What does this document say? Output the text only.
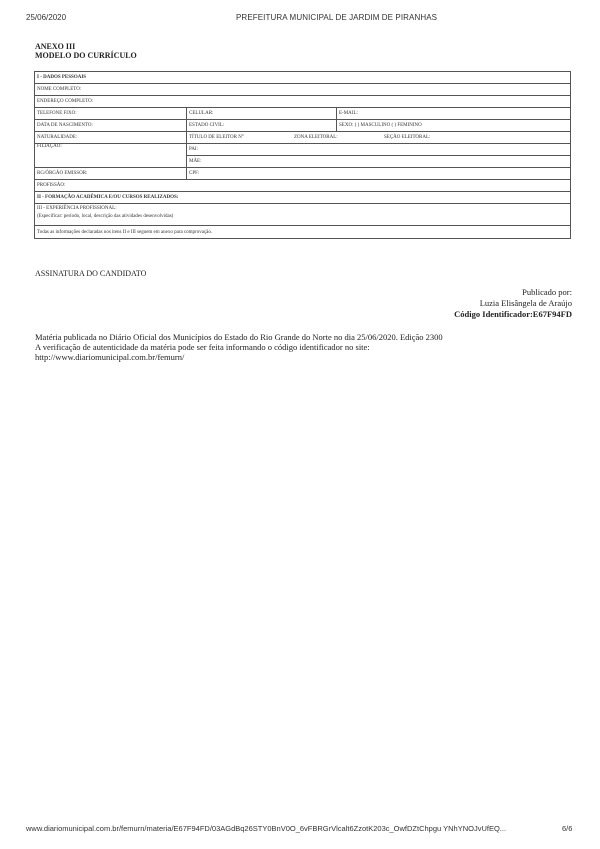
25/06/2020	PREFEITURA MUNICIPAL DE JARDIM DE PIRANHAS
ANEXO III
MODELO DO CURRÍCULO
I - DADOS PESSOAIS		
NOME COMPLETO:		
ENDEREÇO COMPLETO:		
TELEFONE FIXO:	CELULAR:	E-MAIL:
DATA DE NASCIMENTO:	ESTADO CIVIL:	SEXO: ( ) MASCULINO ( ) FEMININO
NATURALIDADE:	TÍTULO DE ELEITOR N° ZONA ELEITORAL: SEÇÃO ELEITORAL:	
FILIAÇÃO:	PAI:	
	MÃE:	
RG/ÓRGÃO EMISSOR:	CPF:	
PROFISSÃO:		
II - FORMAÇÃO ACADÊMICA E/OU CURSOS REALIZADOS:		

III - EXPERIÊNCIA PROFISSIONAL:
(Especificar: período, local, descrição das atividades desenvolvidas)		

Todas as informações declaradas nos itens II e III seguem em anexo para comprovação.		
ASSINATURA DO CANDIDATO
Publicado por:
Luzia Elisângela de Araújo
Código Identificador:E67F94FD
Matéria publicada no Diário Oficial dos Municípios do Estado do Rio Grande do Norte no dia 25/06/2020. Edição 2300
A verificação de autenticidade da matéria pode ser feita informando o código identificador no site:
http://www.diariomunicipal.com.br/femurn/
www.diariomunicipal.com.br/femurn/materia/E67F94FD/03AGdBq26STY0BnV0O_6vFBRGrVlcalt6ZzotK203c_OwfDZtChpgu YNhYNOJvUfEQ...	6/6
